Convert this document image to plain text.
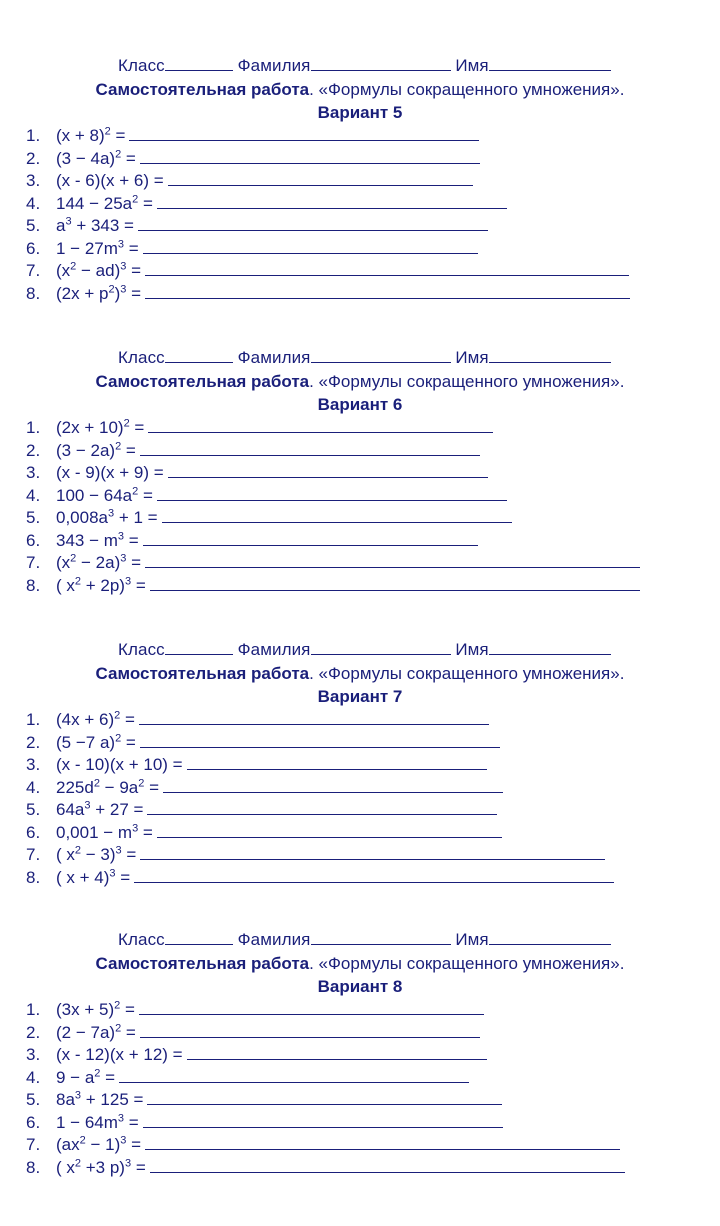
Класс	Фамилия	Имя
Самостоятельная работа. «Формулы сокращенного умножения».
Вариант 5
1. $(x + 8)^2$ =
2. $(3 - 4a)^2$ =
3. (x - 6)(x + 6) =
4. $144 - 25a^2$ =
5. $a^3 + 343$ =
6. $1 - 27m^3$ =
7. $(x^2 - ad)^3$ =
8. $(2x + p^2)^3$ =
Класс	Фамилия	Имя
Самостоятельная работа. «Формулы сокращенного умножения».
Вариант 6
1. $(2x + 10)^2$ =
2. $(3 - 2a)^2$ =
3. (x - 9)(x + 9) =
4. $100 - 64a^2$ =
5. $0,008a^3 + 1$ =
6. $343 - m^3$ =
7. $(x^2 - 2a)^3$ =
8. ( $x^2 + 2p)^3$ =
Класс	Фамилия	Имя
Самостоятельная работа. «Формулы сокращенного умножения».
Вариант 7
1. $(4x + 6)^2$ =
2. (5 −7 a)$^2$ =
3. (x - 10)(x + 10) =
4. $225d^2 - 9a^2$ =
5. $64a^3 + 27$ =
6. $0,001 - m^3$ =
7. ( $x^2 - 3)^3$ =
8. ( x + 4)$^3$ =
Класс	Фамилия	Имя
Самостоятельная работа. «Формулы сокращенного умножения».
Вариант 8
1. $(3x + 5)^2$ =
2. $(2 - 7a)^2$ =
3. (x - 12)(x + 12) =
4. $9 - a^2$ =
5. $8a^3 + 125$ =
6. $1 - 64m^3$ =
7. $(ax^2 - 1)^3$ =
8. ( $x^2 +3$ p)$^3$ =
